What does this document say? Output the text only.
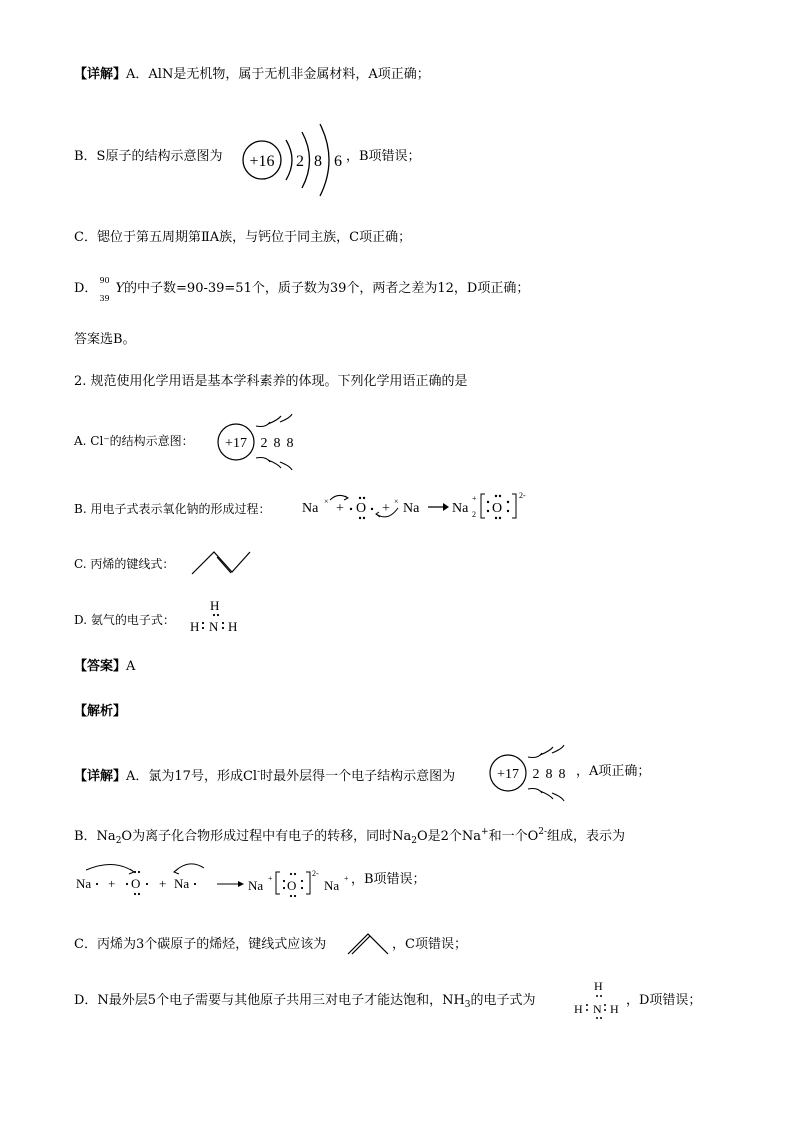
【详解】A．AlN是无机物，属于无机非金属材料，A项正确；
B．S原子的结构示意图为 +16 2 8 6 ，B项错误；
C．锶位于第五周期第ⅡA族，与钙位于同主族，C项正确；
D．
90
39
Y的中子数=90-39=51个，质子数为39个，两者之差为12，D项正确；
答案选B。
2. 规范使用化学用语是基本学科素养的体现。下列化学用语正确的是
A. Cl⁻的结构示意图： +17 2 8 8
B. 用电子式表示氧化钠的形成过程： Na × + O + × Na Na 2
+
O
2-
C. 丙烯的键线式：
D. 氨气的电子式：
H
H N H
【答案】A
【解析】
【详解】A．氯为17号，形成Cl-时最外层得一个电子结构示意图为	+17 2 8 8 ，A项正确；
B．$Na_2O$为离子化合物形成过程中有电子的转移，同时$Na_2O$是2个Na+和一个$O^{2-}$组成，表示为
Na + O + Na	Na + O
2-
Na + ，B项错误；
C．丙烯为3个碳原子的烯烃，键线式应该为	，C项错误；
D．N最外层5个电子需要与其他原子共用三对电子才能达饱和，$NH_3$的电子式为
H
H N H
，D项错误；
